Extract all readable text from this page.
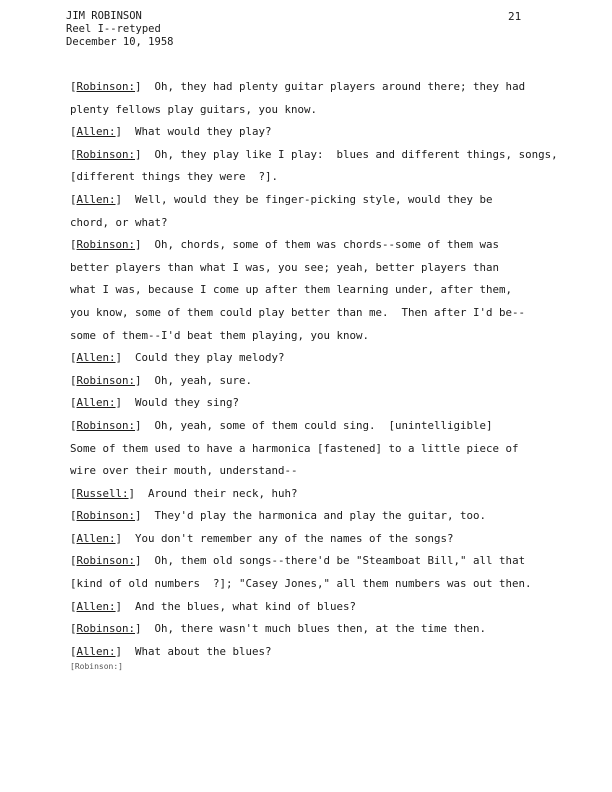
JIM ROBINSON
Reel I--retyped
December 10, 1958
21
[Robinson:]  Oh, they had plenty guitar players around there; they had
plenty fellows play guitars, you know.
[Allen:]  What would they play?
[Robinson:]  Oh, they play like I play:  blues and different things, songs,
[different things they were  ?].
[Allen:]  Well, would they be finger-picking style, would they be
chord, or what?
[Robinson:]  Oh, chords, some of them was chords--some of them was
better players than what I was, you see; yeah, better players than
what I was, because I come up after them learning under, after them,
you know, some of them could play better than me.  Then after I'd be--
some of them--I'd beat them playing, you know.
[Allen:]  Could they play melody?
[Robinson:]  Oh, yeah, sure.
[Allen:]  Would they sing?
[Robinson:]  Oh, yeah, some of them could sing.  [unintelligible]
Some of them used to have a harmonica [fastened] to a little piece of
wire over their mouth, understand--
[Russell:]  Around their neck, huh?
[Robinson:]  They'd play the harmonica and play the guitar, too.
[Allen:]  You don't remember any of the names of the songs?
[Robinson:]  Oh, them old songs--there'd be "Steamboat Bill," all that
[kind of old numbers  ?]; "Casey Jones," all them numbers was out then.
[Allen:]  And the blues, what kind of blues?
[Robinson:]  Oh, there wasn't much blues then, at the time then.
[Allen:]  What about the blues?
[Robinson:]
